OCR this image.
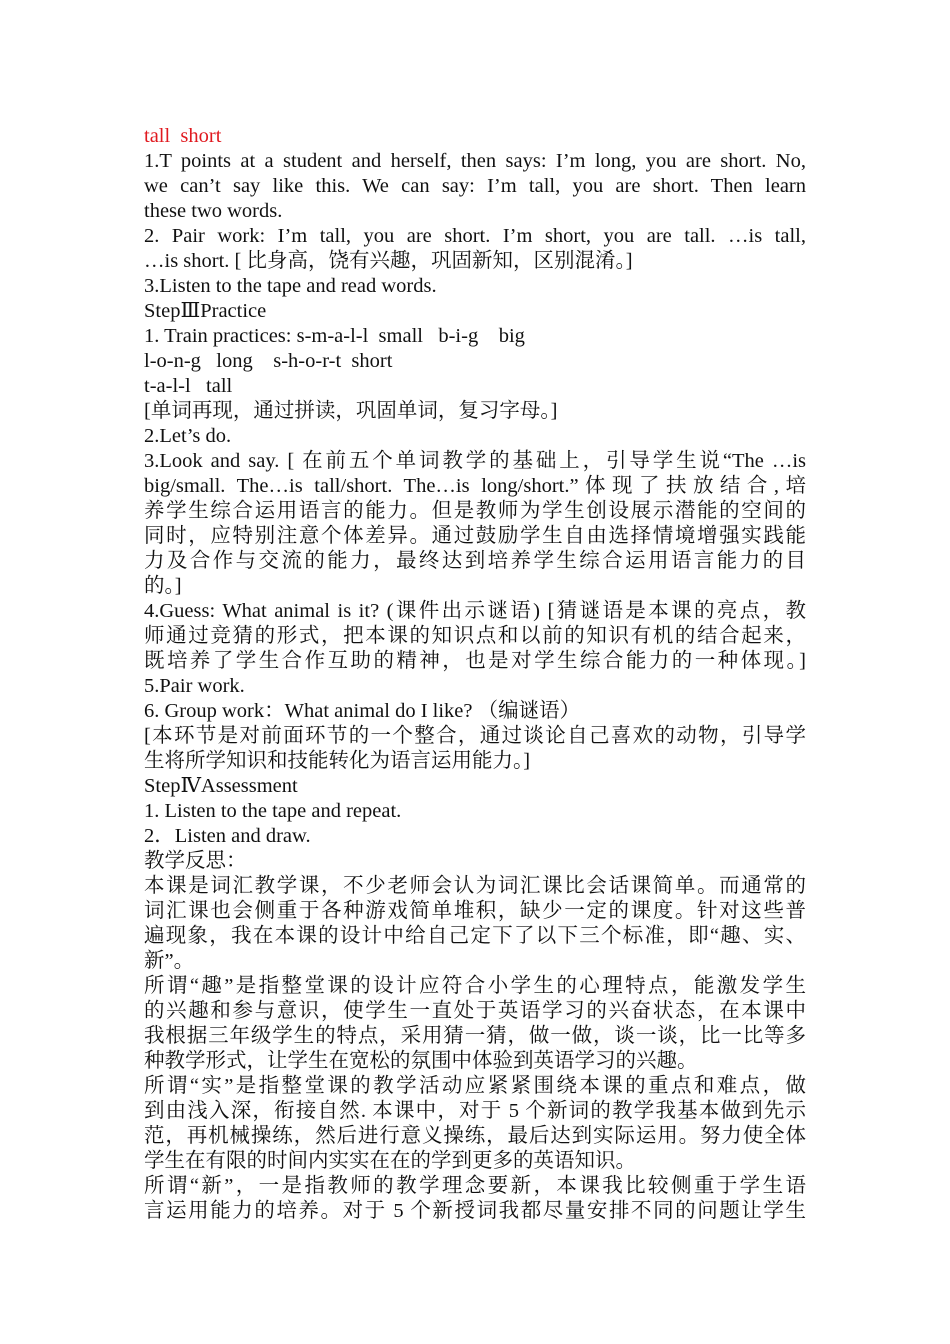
tall  short
1.T points at a student and herself, then says: I’m long, you are short. No,
we can’t say like this. We can say: I’m tall, you are short. Then learn
these two words.
2. Pair work: I’m tall, you are short. I’m short, you are tall. …is tall,
…is short. [ 比身高，饶有兴趣，巩固新知，区别混淆。]
3.Listen to the tape and read words.
StepⅢPractice
1. Train practices: s-m-a-l-l  small   b-i-g    big
l-o-n-g   long    s-h-o-r-t  short
t-a-l-l   tall
[单词再现，通过拼读，巩固单词，复习字母。]
2.Let’s do.
3.Look and say. [ 在前五个单词教学的基础上，引导学生说“The …is
big/small. The…is tall/short. The…is long/short.”体现了扶放结合,培
养学生综合运用语言的能力。但是教师为学生创设展示潜能的空间的
同时，应特别注意个体差异。通过鼓励学生自由选择情境增强实践能
力及合作与交流的能力，最终达到培养学生综合运用语言能力的目
的。]
4.Guess: What animal is it? (课件出示谜语) [猜谜语是本课的亮点，教
师通过竞猜的形式，把本课的知识点和以前的知识有机的结合起来，
既培养了学生合作互助的精神，也是对学生综合能力的一种体现。]
5.Pair work.
6. Group work：What animal do I like? （编谜语）
[本环节是对前面环节的一个整合，通过谈论自己喜欢的动物，引导学
生将所学知识和技能转化为语言运用能力。]
StepⅣAssessment
1. Listen to the tape and repeat.
2．Listen and draw.
教学反思：
本课是词汇教学课，不少老师会认为词汇课比会话课简单。而通常的
词汇课也会侧重于各种游戏简单堆积，缺少一定的课度。针对这些普
遍现象，我在本课的设计中给自己定下了以下三个标准，即“趣、实、
新”。
所谓“趣”是指整堂课的设计应符合小学生的心理特点，能激发学生
的兴趣和参与意识，使学生一直处于英语学习的兴奋状态，在本课中
我根据三年级学生的特点，采用猜一猜，做一做，谈一谈，比一比等多
种教学形式，让学生在宽松的氛围中体验到英语学习的兴趣。
所谓“实”是指整堂课的教学活动应紧紧围绕本课的重点和难点，做
到由浅入深，衔接自然. 本课中，对于 5 个新词的教学我基本做到先示
范，再机械操练，然后进行意义操练，最后达到实际运用。努力使全体
学生在有限的时间内实实在在的学到更多的英语知识。
所谓“新”，一是指教师的教学理念要新，本课我比较侧重于学生语
言运用能力的培养。对于 5 个新授词我都尽量安排不同的问题让学生
